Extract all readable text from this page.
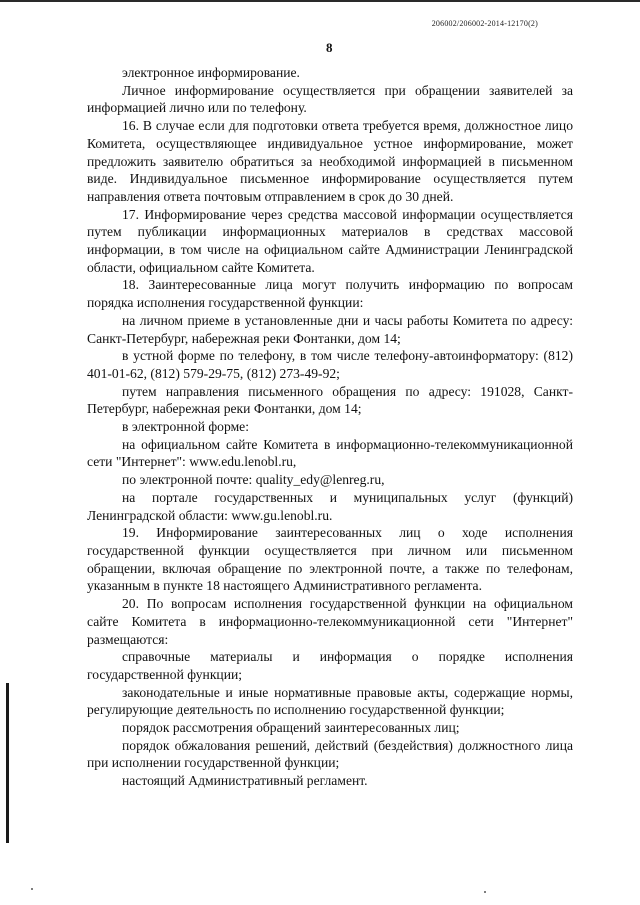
206002/206002-2014-12170(2)
8

электронное информирование.

Личное информирование осуществляется при обращении заявителей за информацией лично или по телефону.

16. В случае если для подготовки ответа требуется время, должностное лицо Комитета, осуществляющее индивидуальное устное информирование, может предложить заявителю обратиться за необходимой информацией в письменном виде. Индивидуальное письменное информирование осуществляется путем направления ответа почтовым отправлением в срок до 30 дней.

17. Информирование через средства массовой информации осуществляется путем публикации информационных материалов в средствах массовой информации, в том числе на официальном сайте Администрации Ленинградской области, официальном сайте Комитета.

18. Заинтересованные лица могут получить информацию по вопросам порядка исполнения государственной функции:

на личном приеме в установленные дни и часы работы Комитета по адресу: Санкт-Петербург, набережная реки Фонтанки, дом 14;

в устной форме по телефону, в том числе телефону-автоинформатору: (812) 401-01-62, (812) 579-29-75, (812) 273-49-92;

путем направления письменного обращения по адресу: 191028, Санкт-Петербург, набережная реки Фонтанки, дом 14;

в электронной форме:

на официальном сайте Комитета в информационно-телекоммуникационной сети "Интернет": www.edu.lenobl.ru,

по электронной почте: quality_edy@lenreg.ru,

на портале государственных и муниципальных услуг (функций) Ленинградской области: www.gu.lenobl.ru.

19. Информирование заинтересованных лиц о ходе исполнения государственной функции осуществляется при личном или письменном обращении, включая обращение по электронной почте, а также по телефонам, указанным в пункте 18 настоящего Административного регламента.

20. По вопросам исполнения государственной функции на официальном сайте Комитета в информационно-телекоммуникационной сети "Интернет" размещаются:

справочные материалы и информация о порядке исполнения государственной функции;

законодательные и иные нормативные правовые акты, содержащие нормы, регулирующие деятельность по исполнению государственной функции;

порядок рассмотрения обращений заинтересованных лиц;

порядок обжалования решений, действий (бездействия) должностного лица при исполнении государственной функции;

настоящий Административный регламент.
